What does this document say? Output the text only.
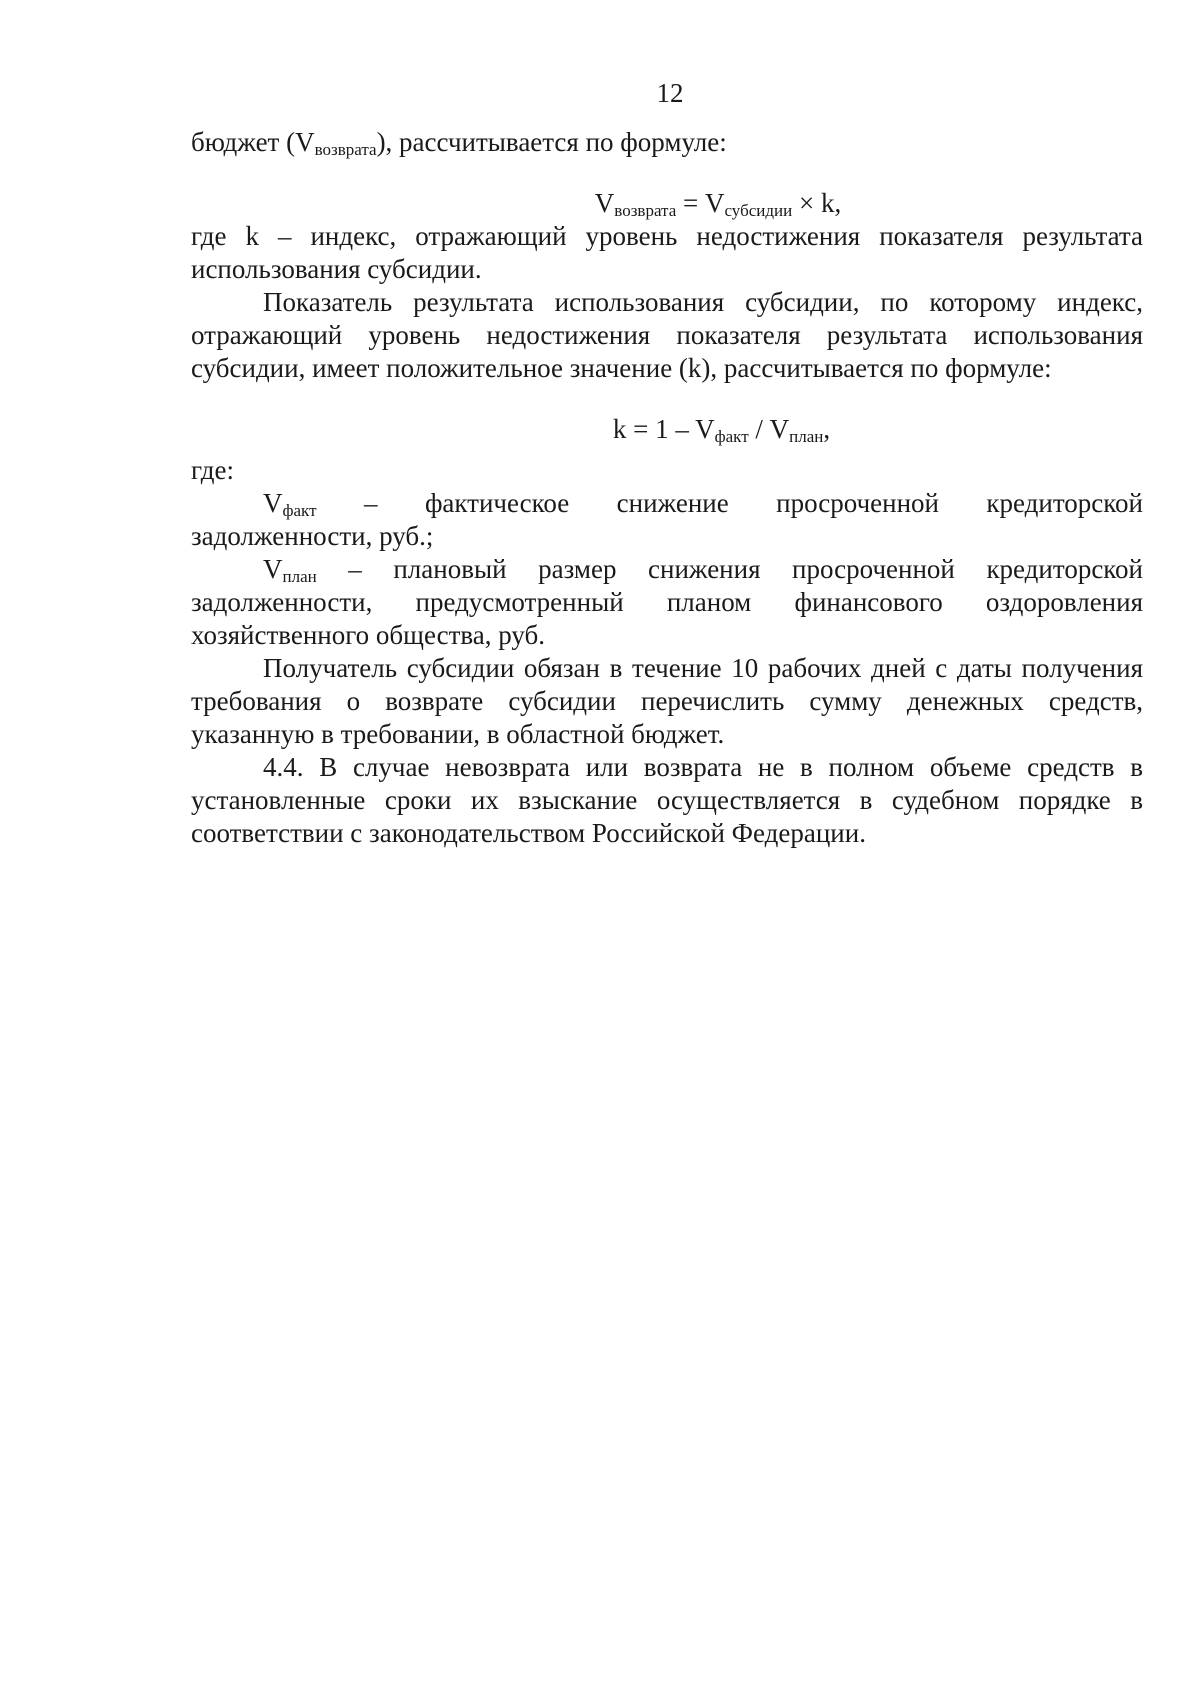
12

бюджет $(V_{возврата})$, рассчитывается по формуле:

$V_{возврата} = V_{субсидии} \times k$,

где k – индекс, отражающий уровень недостижения показателя результата использования субсидии.

Показатель результата использования субсидии, по которому индекс, отражающий уровень недостижения показателя результата использования субсидии, имеет положительное значение (k), рассчитывается по формуле:

$k = 1 - V_{факт} / V_{план}$,

где:

$V_{факт}$ – фактическое снижение просроченной кредиторской

задолженности, руб.;

$V_{план}$ – плановый размер снижения просроченной кредиторской задолженности, предусмотренный планом финансового оздоровления хозяйственного общества, руб.

Получатель субсидии обязан в течение 10 рабочих дней с даты получения требования о возврате субсидии перечислить сумму денежных средств, указанную в требовании, в областной бюджет.

4.4. В случае невозврата или возврата не в полном объеме средств в установленные сроки их взыскание осуществляется в судебном порядке в соответствии с законодательством Российской Федерации.
